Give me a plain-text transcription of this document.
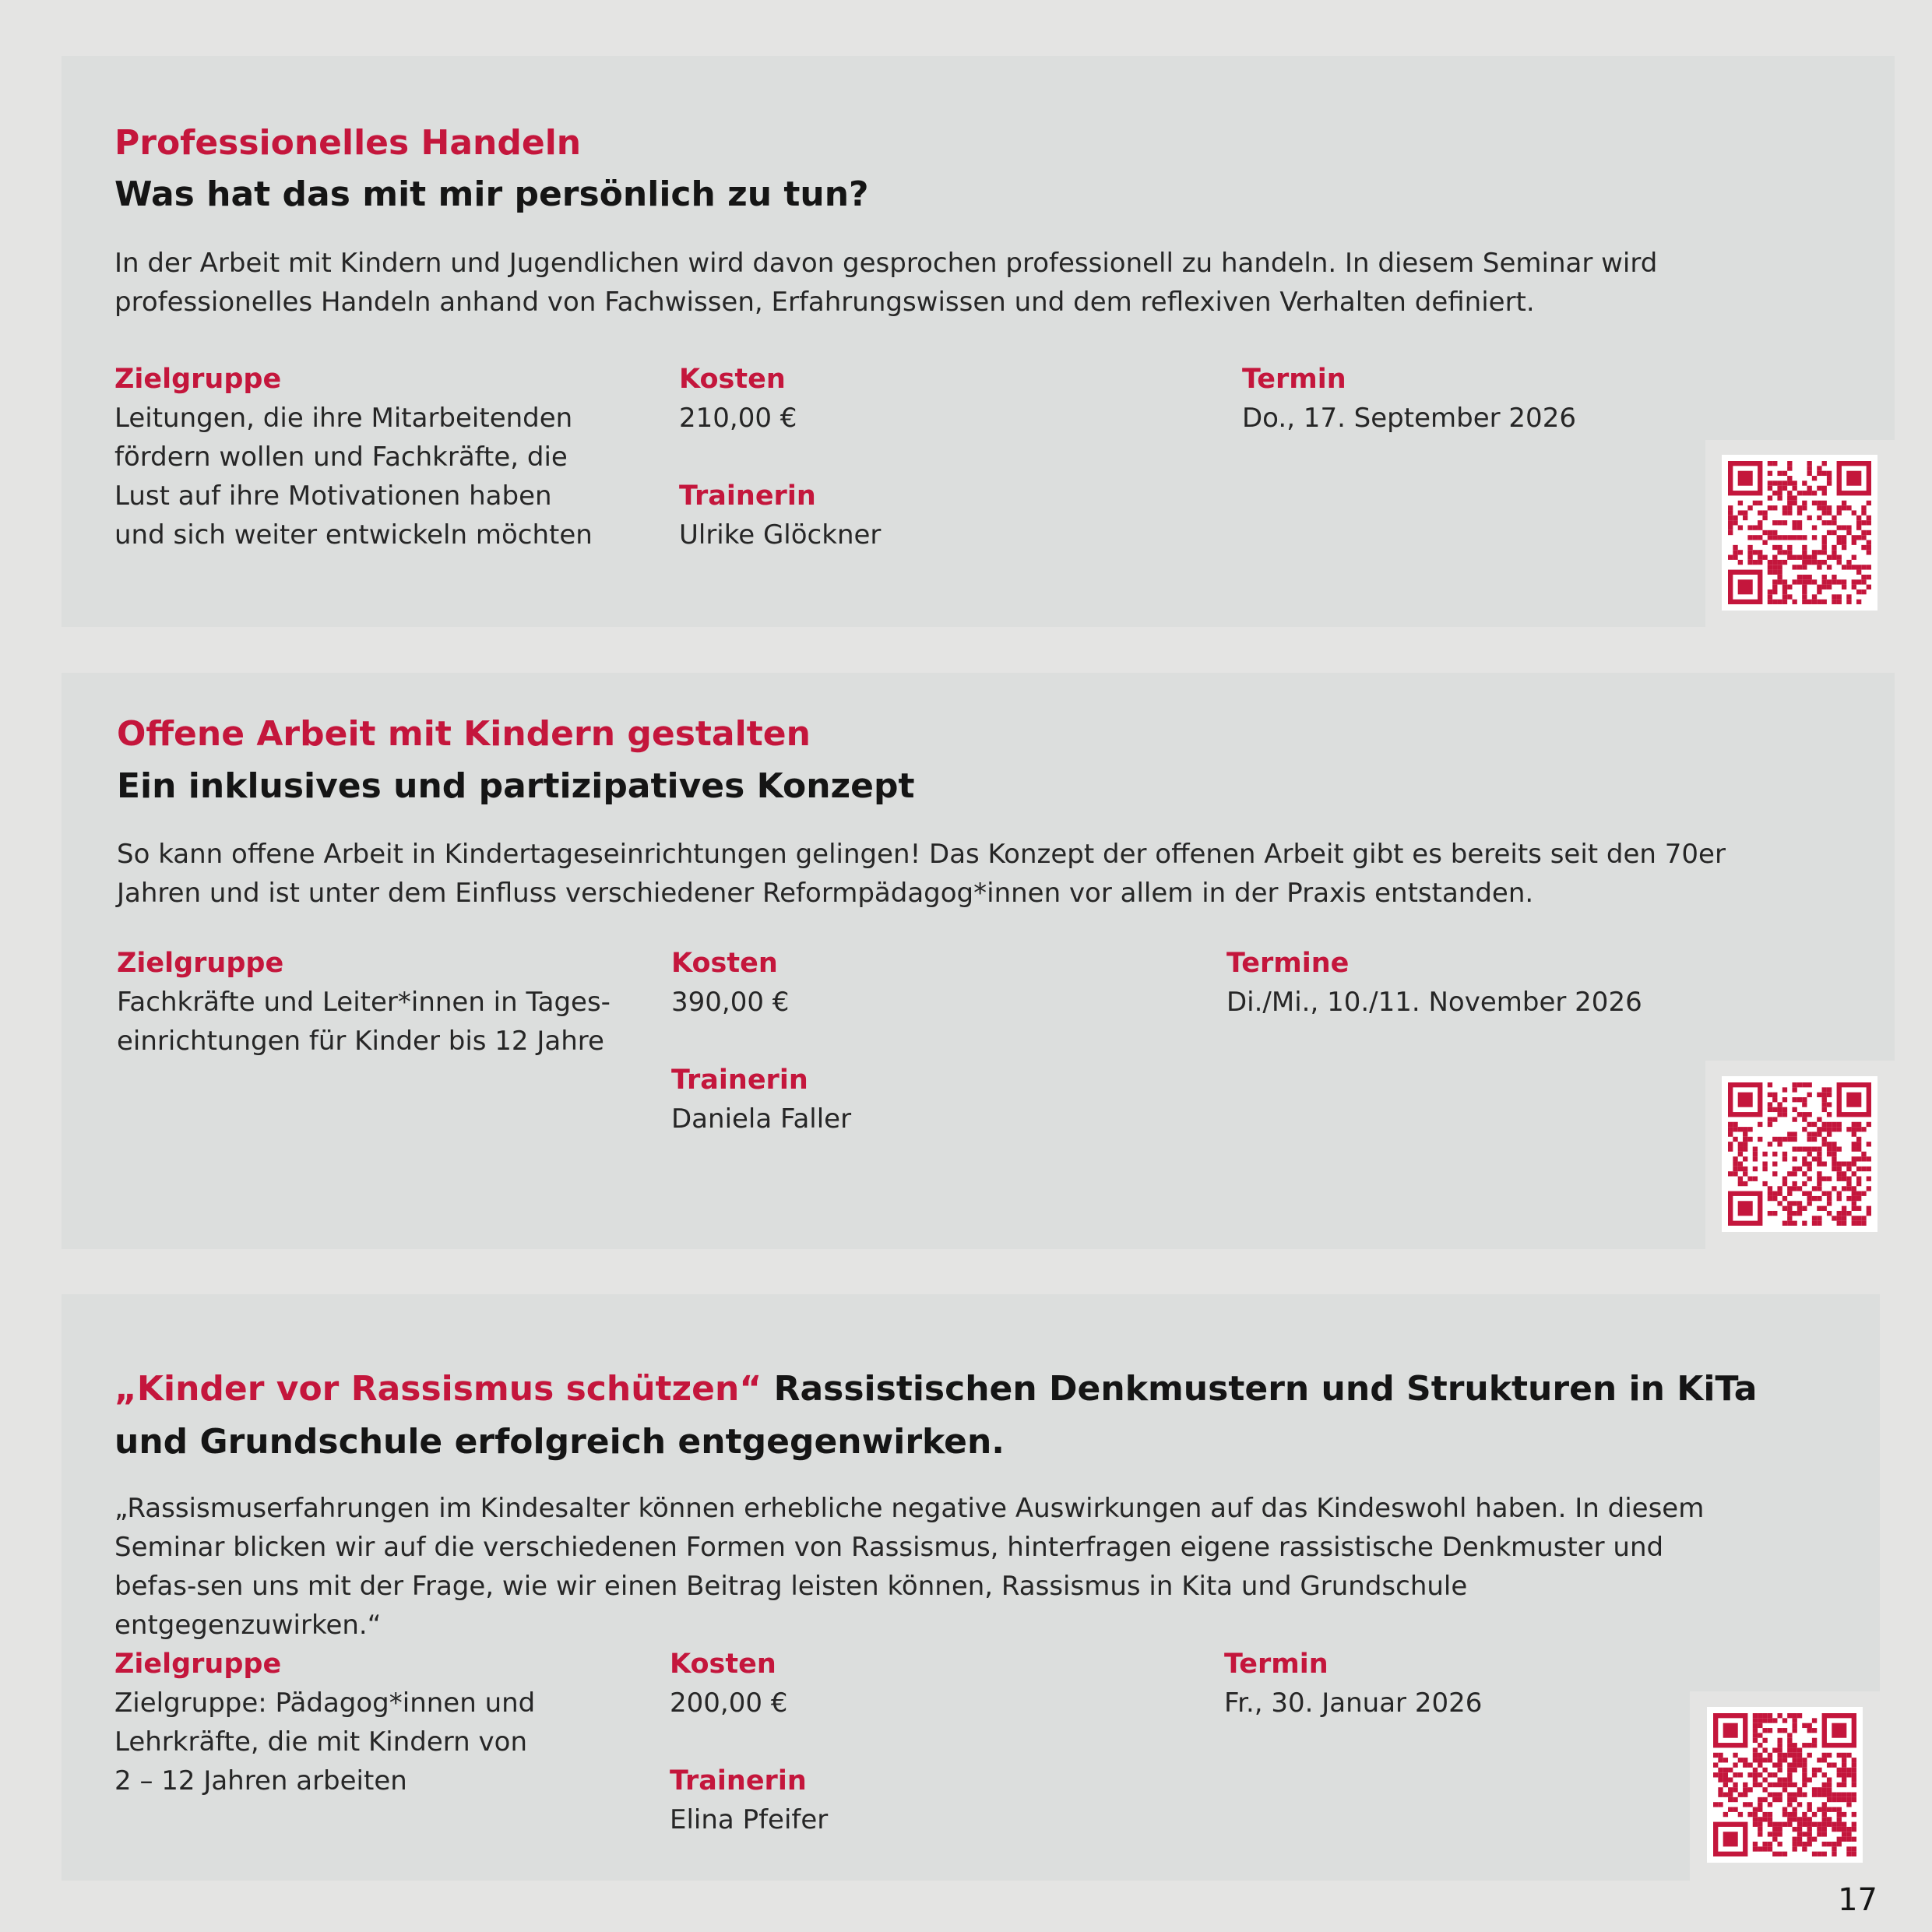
Professionelles Handeln
Was hat das mit mir persönlich zu tun?
In der Arbeit mit Kindern und Jugendlichen wird davon gesprochen professionell zu handeln. In diesem Seminar wird professionelles Handeln anhand von Fachwissen, Erfahrungswissen und dem reflexiven Verhalten definiert.
Zielgruppe
Leitungen, die ihre Mitarbeitenden
fördern wollen und Fachkräfte, die
Lust auf ihre Motivationen haben
und sich weiter entwickeln möchten
Kosten
210,00 €
Trainerin
Ulrike Glöckner
Termin
Do., 17. September 2026
Offene Arbeit mit Kindern gestalten
Ein inklusives und partizipatives Konzept
So kann offene Arbeit in Kindertageseinrichtungen gelingen! Das Konzept der offenen Arbeit gibt es bereits seit den 70er Jahren und ist unter dem Einfluss verschiedener Reformpädagog*innen vor allem in der Praxis entstanden.
Zielgruppe
Fachkräfte und Leiter*innen in Tages-
einrichtungen für Kinder bis 12 Jahre
Kosten
390,00 €
Trainerin
Daniela Faller
Termine
Di./Mi., 10./11. November 2026
„Kinder vor Rassismus schützen“ Rassistischen Denkmustern und Strukturen in KiTa und Grundschule erfolgreich entgegenwirken.
„Rassismuserfahrungen im Kindesalter können erhebliche negative Auswirkungen auf das Kindeswohl haben. In diesem Seminar blicken wir auf die verschiedenen Formen von Rassismus, hinterfragen eigene rassistische Denkmuster und befas-sen uns mit der Frage, wie wir einen Beitrag leisten können, Rassismus in Kita und Grundschule entgegenzuwirken.“
Zielgruppe
Zielgruppe: Pädagog*innen und
Lehrkräfte, die mit Kindern von
2 – 12 Jahren arbeiten
Kosten
200,00 €
Trainerin
Elina Pfeifer
Termin
Fr., 30. Januar 2026
17
